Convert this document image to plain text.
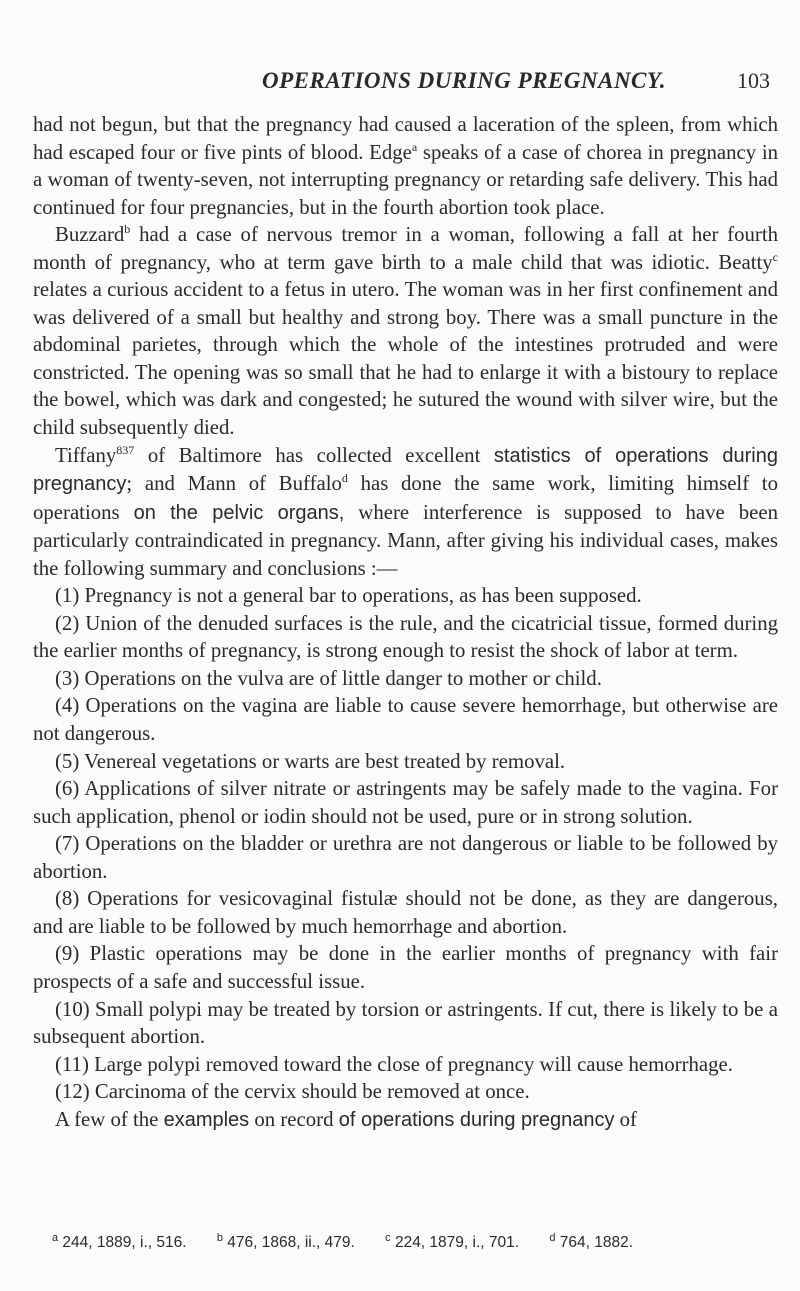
OPERATIONS DURING PREGNANCY.	103

had not begun, but that the pregnancy had caused a laceration of the spleen, from which had escaped four or five pints of blood. Edge$^a$ speaks of a case of chorea in pregnancy in a woman of twenty-seven, not interrupting pregnancy or retarding safe delivery. This had continued for four pregnancies, but in the fourth abortion took place.

Buzzard$^b$ had a case of nervous tremor in a woman, following a fall at her fourth month of pregnancy, who at term gave birth to a male child that was idiotic. Beatty$^c$ relates a curious accident to a fetus in utero. The woman was in her first confinement and was delivered of a small but healthy and strong boy. There was a small puncture in the abdominal parietes, through which the whole of the intestines protruded and were constricted. The opening was so small that he had to enlarge it with a bistoury to replace the bowel, which was dark and congested; he sutured the wound with silver wire, but the child subsequently died.

Tiffany$^{837}$ of Baltimore has collected excellent statistics of operations during pregnancy; and Mann of Buffalo$^d$ has done the same work, limiting himself to operations on the pelvic organs, where interference is supposed to have been particularly contraindicated in pregnancy. Mann, after giving his individual cases, makes the following summary and conclusions :—

(1) Pregnancy is not a general bar to operations, as has been supposed.

(2) Union of the denuded surfaces is the rule, and the cicatricial tissue, formed during the earlier months of pregnancy, is strong enough to resist the shock of labor at term.

(3) Operations on the vulva are of little danger to mother or child.

(4) Operations on the vagina are liable to cause severe hemorrhage, but otherwise are not dangerous.

(5) Venereal vegetations or warts are best treated by removal.

(6) Applications of silver nitrate or astringents may be safely made to the vagina. For such application, phenol or iodin should not be used, pure or in strong solution.

(7) Operations on the bladder or urethra are not dangerous or liable to be followed by abortion.

(8) Operations for vesicovaginal fistulæ should not be done, as they are dangerous, and are liable to be followed by much hemorrhage and abortion.

(9) Plastic operations may be done in the earlier months of pregnancy with fair prospects of a safe and successful issue.

(10) Small polypi may be treated by torsion or astringents. If cut, there is likely to be a subsequent abortion.

(11) Large polypi removed toward the close of pregnancy will cause hemorrhage.

(12) Carcinoma of the cervix should be removed at once.

A few of the examples on record of operations during pregnancy of

$^a$ 244, 1889, i., 516.	$^b$ 476, 1868, ii., 479.	$^c$ 224, 1879, i., 701.	$^d$ 764, 1882.
